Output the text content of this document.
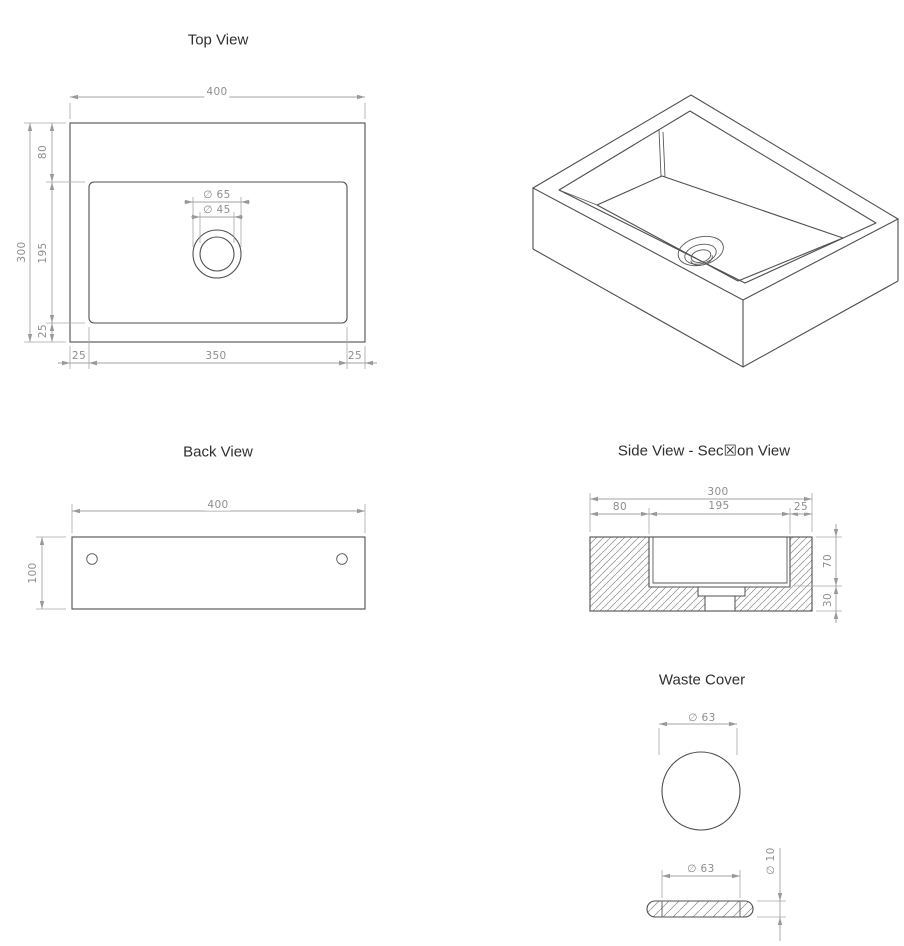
Top View
Back View	Side View - Sec☒on View
Waste Cover
400
300
80
195
25
25	350	25
∅ 65
∅ 45
400
100
300
80	195	25
70
30
∅ 63
∅ 63	∅ 10
